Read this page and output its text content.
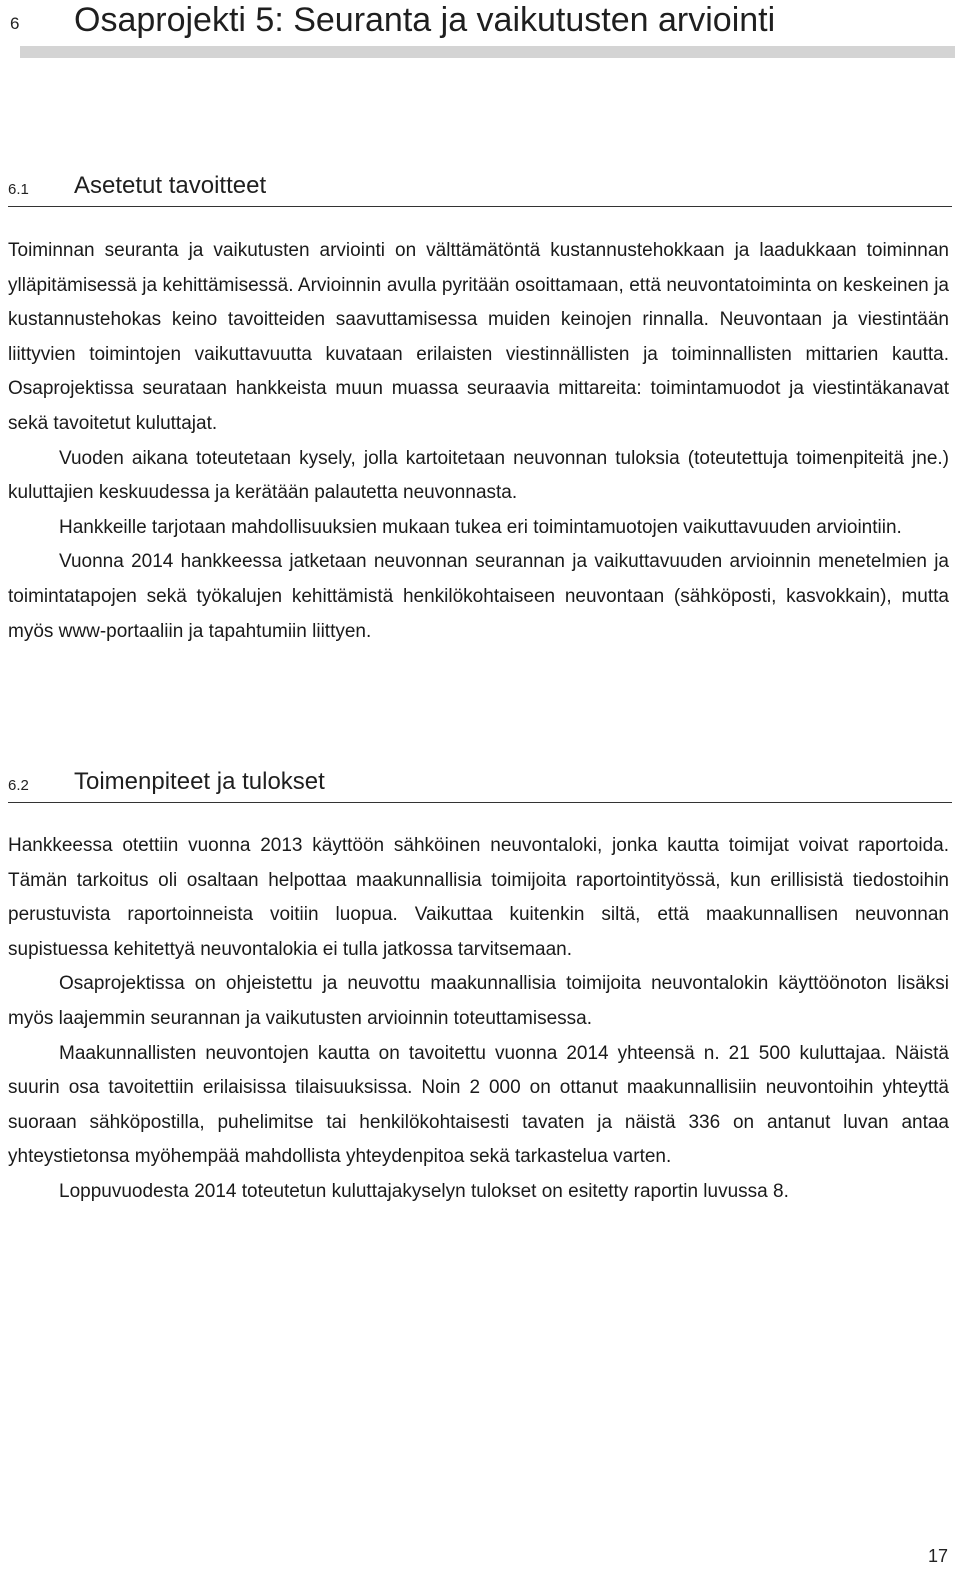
6 Osaprojekti 5: Seuranta ja vaikutusten arviointi
6.1 Asetetut tavoitteet

Toiminnan seuranta ja vaikutusten arviointi on välttämätöntä kustannustehokkaan ja laadukkaan toiminnan ylläpitämisessä ja kehittämisessä. Arvioinnin avulla pyritään osoittamaan, että neuvontatoiminta on keskeinen ja kustannustehokas keino tavoitteiden saavuttamisessa muiden keinojen rinnalla. Neuvontaan ja viestintään liittyvien toimintojen vaikuttavuutta kuvataan erilaisten viestinnällisten ja toiminnallisten mittarien kautta. Osaprojektissa seurataan hankkeista muun muassa seuraavia mittareita: toimintamuodot ja viestintäkanavat sekä tavoitetut kuluttajat.

Vuoden aikana toteutetaan kysely, jolla kartoitetaan neuvonnan tuloksia (toteutettuja toimenpiteitä jne.) kuluttajien keskuudessa ja kerätään palautetta neuvonnasta.

Hankkeille tarjotaan mahdollisuuksien mukaan tukea eri toimintamuotojen vaikuttavuuden arviointiin.

Vuonna 2014 hankkeessa jatketaan neuvonnan seurannan ja vaikuttavuuden arvioinnin menetelmien ja toimintatapojen sekä työkalujen kehittämistä henkilökohtaiseen neuvontaan (sähköposti, kasvokkain), mutta myös www-portaaliin ja tapahtumiin liittyen.

6.2 Toimenpiteet ja tulokset

Hankkeessa otettiin vuonna 2013 käyttöön sähköinen neuvontaloki, jonka kautta toimijat voivat raportoida. Tämän tarkoitus oli osaltaan helpottaa maakunnallisia toimijoita raportointityössä, kun erillisistä tiedostoihin perustuvista raportoinneista voitiin luopua. Vaikuttaa kuitenkin siltä, että maakunnallisen neuvonnan supistuessa kehitettyä neuvontalokia ei tulla jatkossa tarvitsemaan.

Osaprojektissa on ohjeistettu ja neuvottu maakunnallisia toimijoita neuvontalokin käyttöönoton lisäksi myös laajemmin seurannan ja vaikutusten arvioinnin toteuttamisessa.

Maakunnallisten neuvontojen kautta on tavoitettu vuonna 2014 yhteensä n. 21 500 kuluttajaa. Näistä suurin osa tavoitettiin erilaisissa tilaisuuksissa. Noin 2 000 on ottanut maakunnallisiin neuvontoihin yhteyttä suoraan sähköpostilla, puhelimitse tai henkilökohtaisesti tavaten ja näistä 336 on antanut luvan antaa yhteystietonsa myöhempää mahdollista yhteydenpitoa sekä tarkastelua varten.

Loppuvuodesta 2014 toteutetun kuluttajakyselyn tulokset on esitetty raportin luvussa 8.

17
